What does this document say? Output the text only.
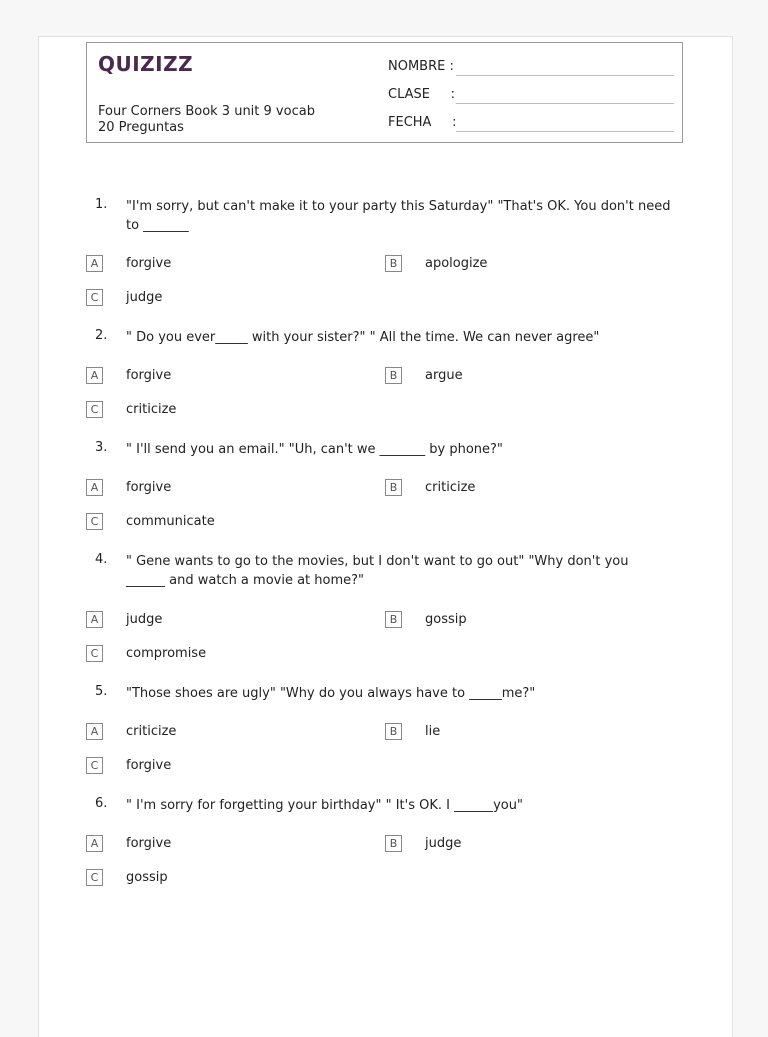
QUIZIZZ
Four Corners Book 3 unit 9 vocab
20 Preguntas
NOMBRE :
CLASE     :
FECHA     :
1. "I'm sorry, but can't make it to your party this Saturday" "That's OK. You don't need to _______
A	forgive	B	apologize
C	judge
2. " Do you ever_____ with your sister?" " All the time. We can never agree"
A	forgive	B	argue
C	criticize
3. " I'll send you an email." "Uh, can't we _______ by phone?"
A	forgive	B	criticize
C	communicate
4. " Gene wants to go to the movies, but I don't want to go out" "Why don't you ______ and watch a movie at home?"
A	judge	B	gossip
C	compromise
5. "Those shoes are ugly" "Why do you always have to _____me?"
A	criticize	B	lie
C	forgive
6. " I'm sorry for forgetting your birthday" " It's OK. I ______you"
A	forgive	B	judge
C	gossip
